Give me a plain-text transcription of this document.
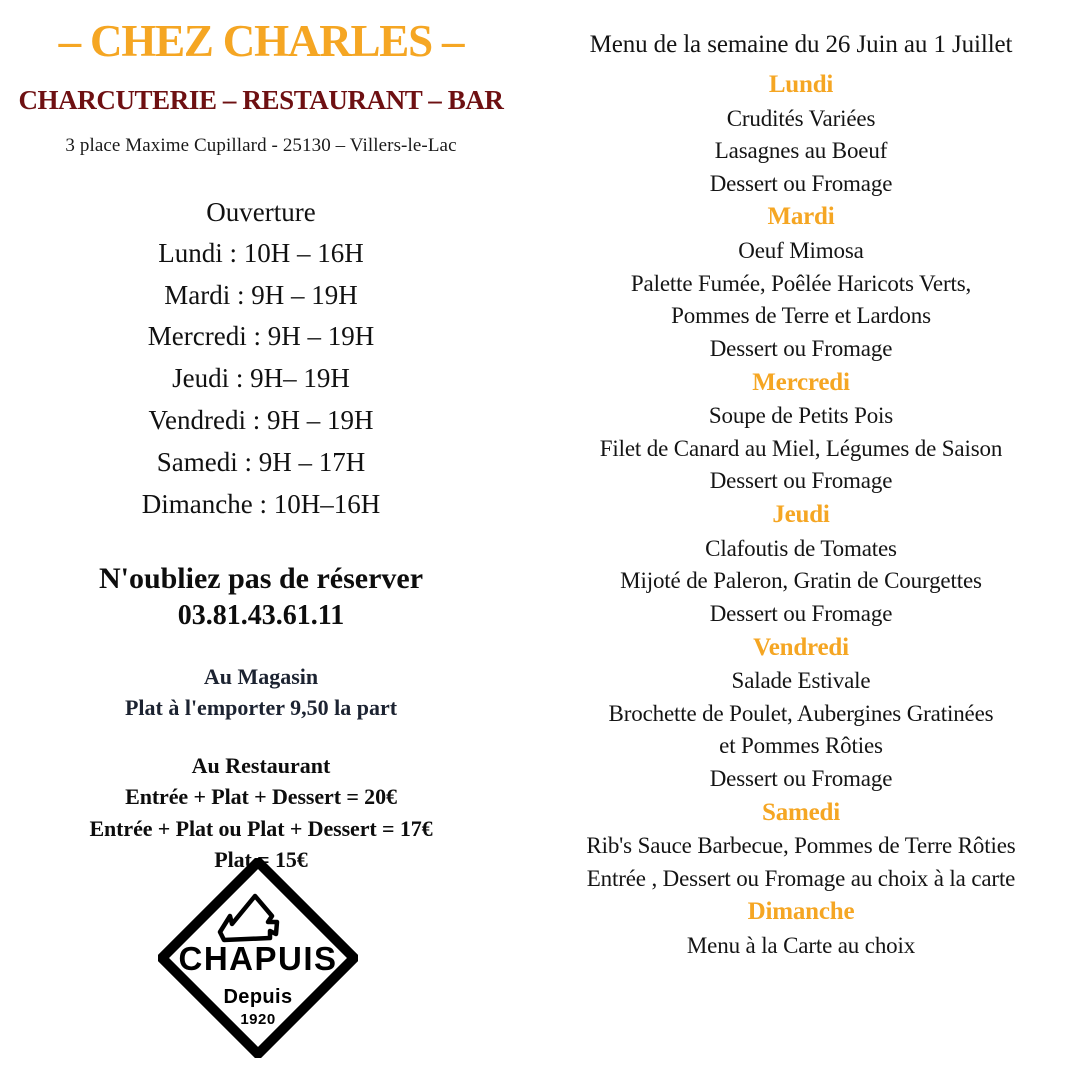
– CHEZ CHARLES –
CHARCUTERIE – RESTAURANT – BAR
3 place Maxime Cupillard - 25130 – Villers-le-Lac
Ouverture
Lundi : 10H – 16H
Mardi : 9H – 19H
Mercredi : 9H – 19H
Jeudi : 9H– 19H
Vendredi : 9H – 19H
Samedi : 9H – 17H
Dimanche : 10H–16H
N'oubliez pas de réserver
03.81.43.61.11
Au Magasin
Plat à l'emporter 9,50 la part
Au Restaurant
Entrée + Plat + Dessert = 20€
Entrée + Plat ou Plat + Dessert = 17€
Plat = 15€
CHAPUIS
Depuis
1920
Menu de la semaine du 26 Juin au 1 Juillet
Lundi
Crudités Variées
Lasagnes au Boeuf
Dessert ou Fromage
Mardi
Oeuf Mimosa
Palette Fumée, Poêlée Haricots Verts,
Pommes de Terre et Lardons
Dessert ou Fromage
Mercredi
Soupe de Petits Pois
Filet de Canard au Miel, Légumes de Saison
Dessert ou Fromage
Jeudi
Clafoutis de Tomates
Mijoté de Paleron, Gratin de Courgettes
Dessert ou Fromage
Vendredi
Salade Estivale
Brochette de Poulet, Aubergines Gratinées
et Pommes Rôties
Dessert ou Fromage
Samedi
Rib's Sauce Barbecue, Pommes de Terre Rôties
Entrée , Dessert ou Fromage au choix à la carte
Dimanche
Menu à la Carte au choix
